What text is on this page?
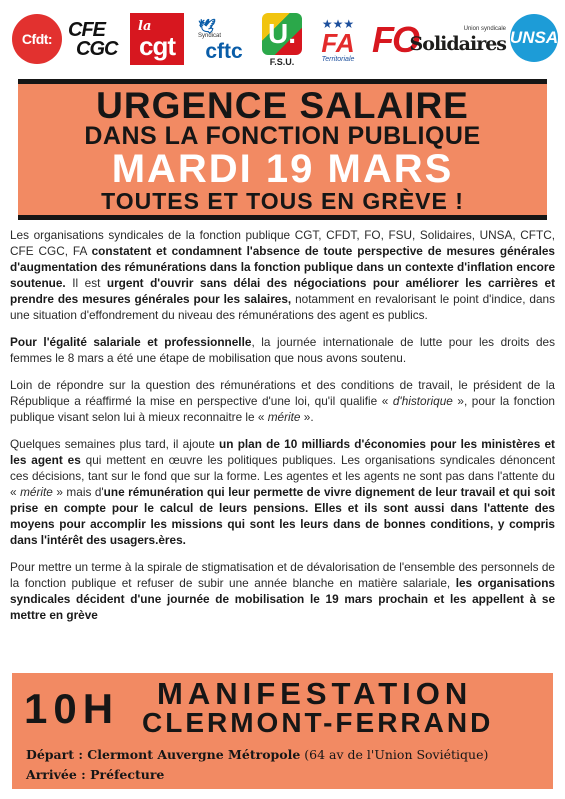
Cfdt: CFE
CGC
la
cgt
🕊
Syndicat
cftc
U.
F.S.U.
★★★
FA
Territoriale FO	Union syndicale
Solidaires UNSA
URGENCE SALAIRE
DANS LA FONCTION PUBLIQUE
MARDI 19 MARS
TOUTES ET TOUS EN GRÈVE !

Les organisations syndicales de la fonction publique CGT, CFDT, FO, FSU, Solidaires, UNSA, CFTC, CFE CGC, FA constatent et condamnent l'absence de toute perspective de mesures générales d'augmentation des rémunérations dans la fonction publique dans un contexte d'inflation encore soutenue. Il est urgent d'ouvrir sans délai des négociations pour améliorer les carrières et prendre des mesures générales pour les salaires, notamment en revalorisant le point d'indice, dans une situation d'effondrement du niveau des rémunérations des agent es publics.

Pour l'égalité salariale et professionnelle, la journée internationale de lutte pour les droits des femmes le 8 mars a été une étape de mobilisation que nous avons soutenu.

Loin de répondre sur la question des rémunérations et des conditions de travail, le président de la République a réaffirmé la mise en perspective d'une loi, qu'il qualifie « d'historique », pour la fonction publique visant selon lui à mieux reconnaitre le « mérite ».

Quelques semaines plus tard, il ajoute un plan de 10 milliards d'économies pour les ministères et les agent es qui mettent en œuvre les politiques publiques. Les organisations syndicales dénoncent ces décisions, tant sur le fond que sur la forme. Les agentes et les agents ne sont pas dans l'attente du « mérite » mais d'une rémunération qui leur permette de vivre dignement de leur travail et qui soit prise en compte pour le calcul de leurs pensions. Elles et ils sont aussi dans l'attente des moyens pour accomplir les missions qui sont les leurs dans de bonnes conditions, y compris dans l'intérêt des usagers.ères.

Pour mettre un terme à la spirale de stigmatisation et de dévalorisation de l'ensemble des personnels de la fonction publique et refuser de subir une année blanche en matière salariale, les organisations syndicales décident d'une journée de mobilisation le 19 mars prochain et les appellent à se mettre en grève

10H MANIFESTATION
CLERMONT-FERRAND
Départ : Clermont Auvergne Métropole (64 av de l'Union Soviétique)
Arrivée : Préfecture
